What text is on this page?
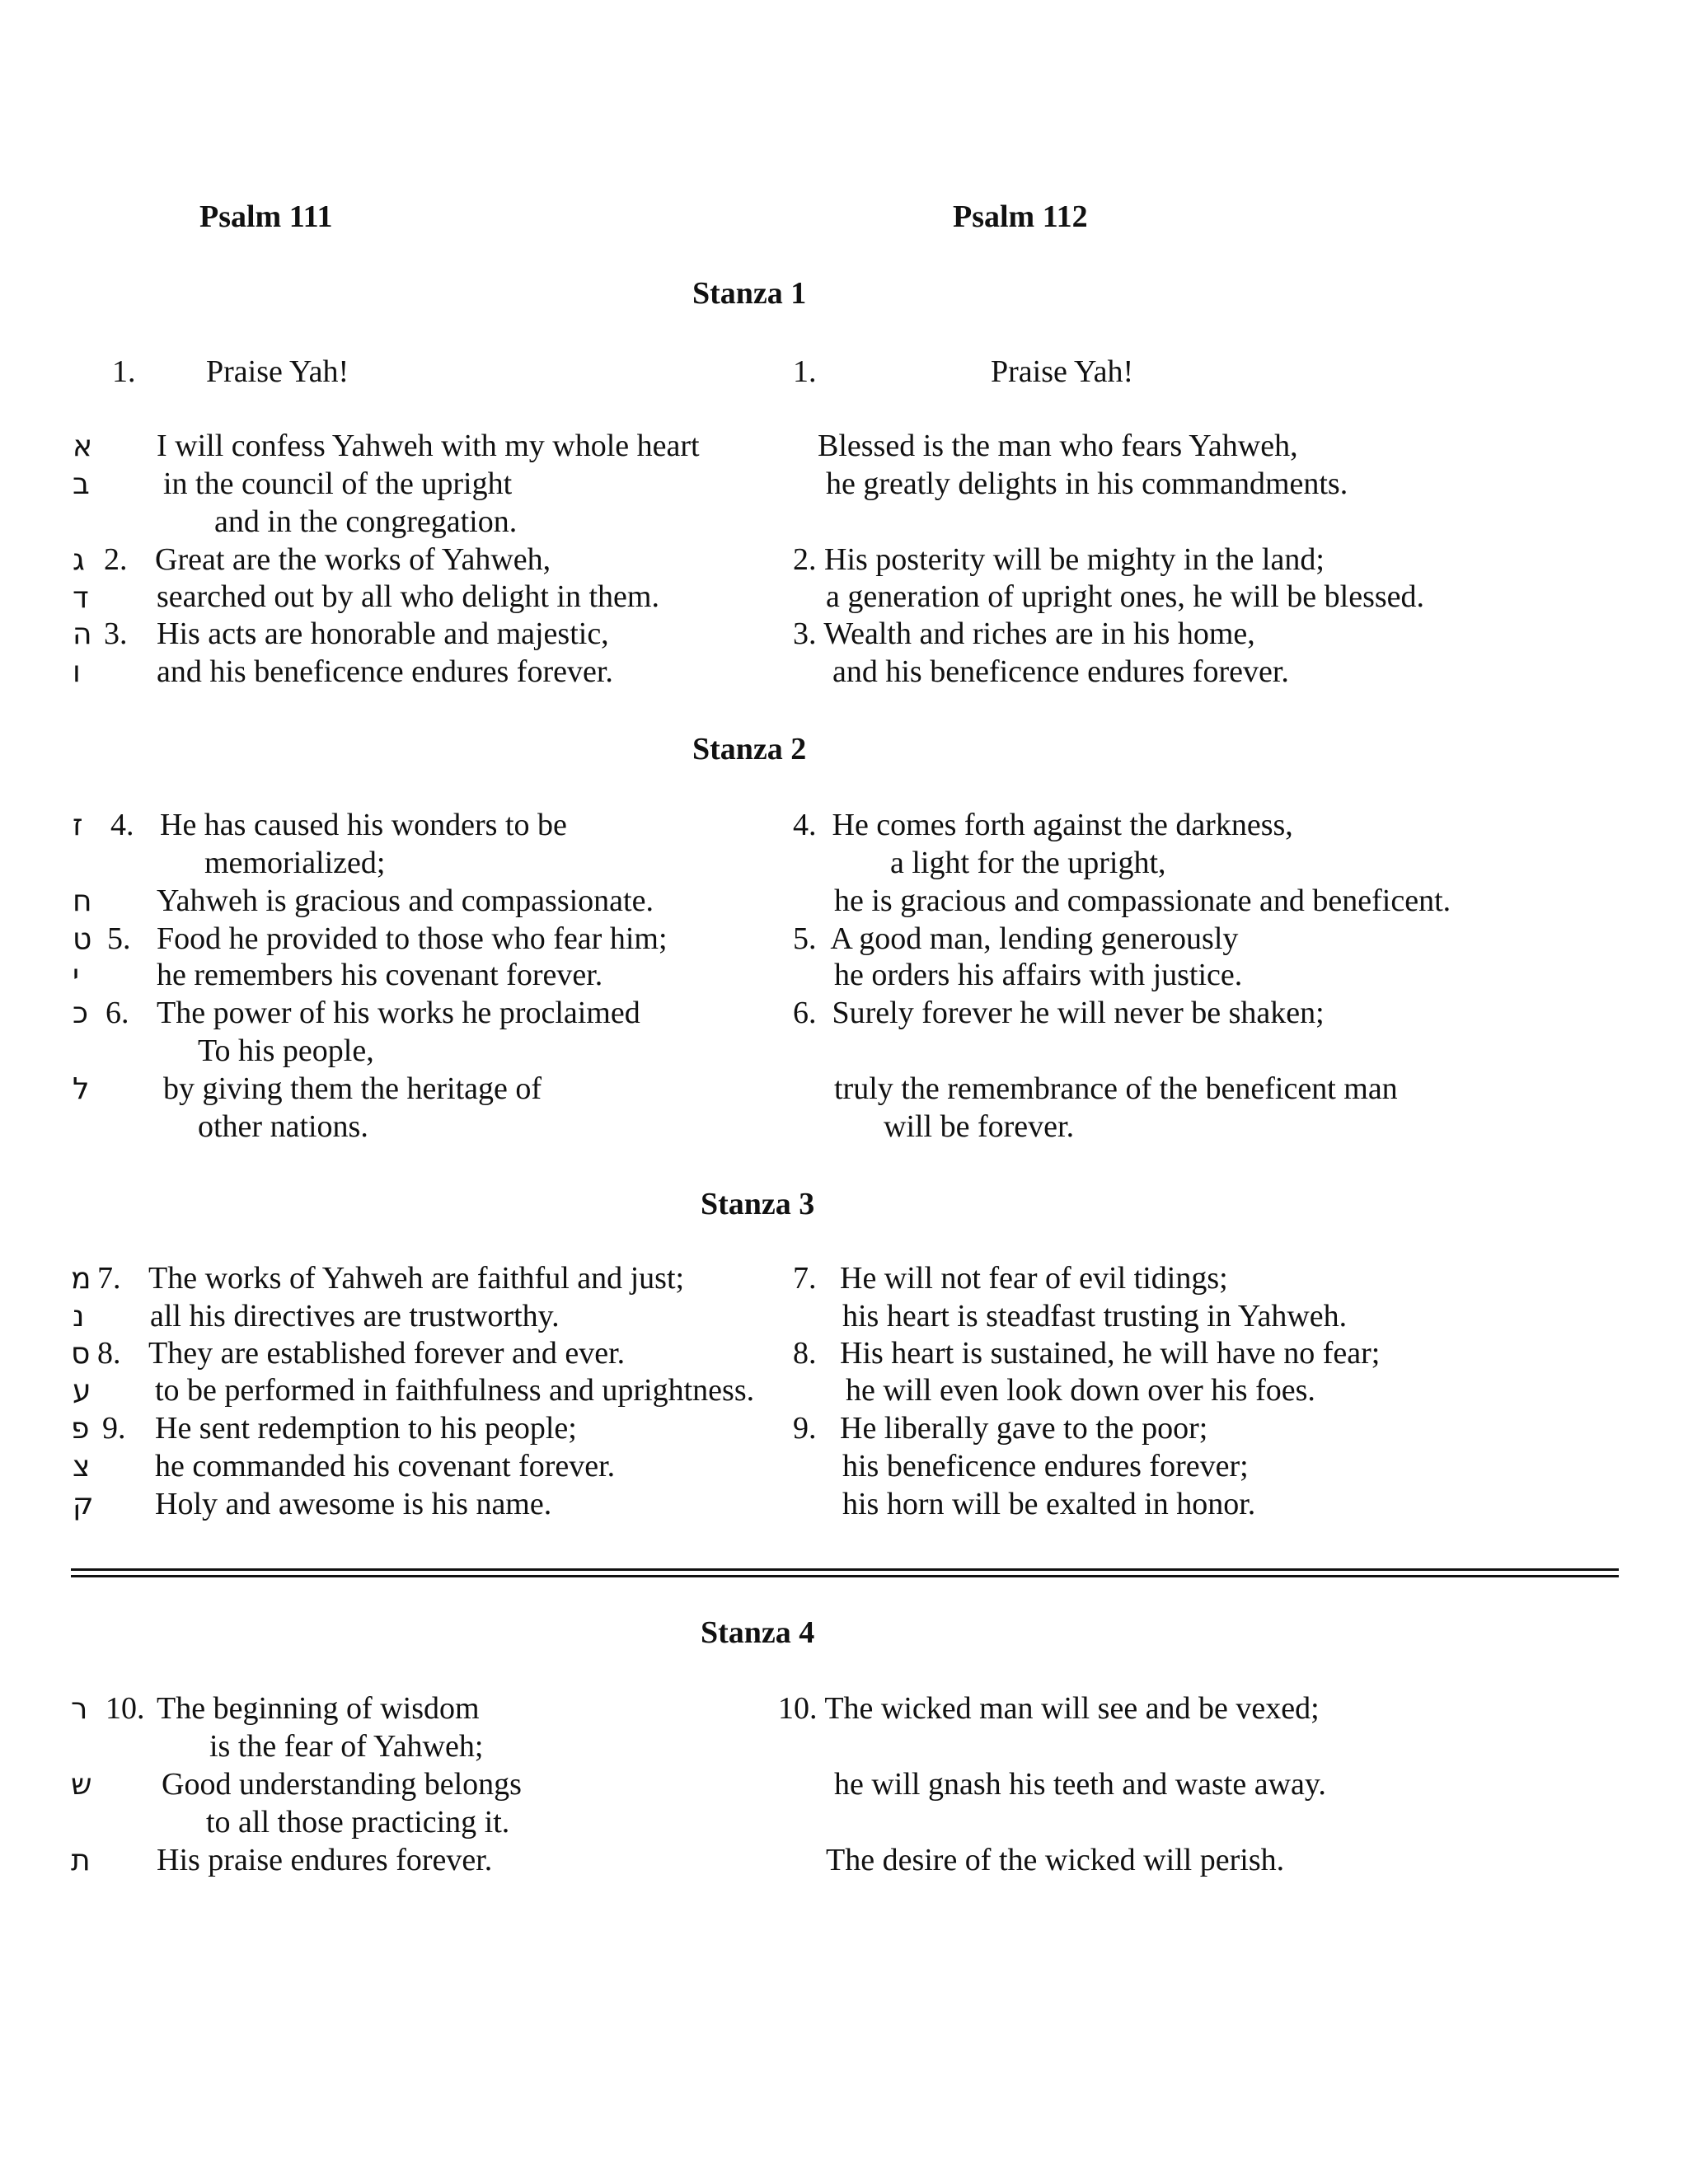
Psalm 111	Psalm 112
Stanza 1
1. Praise Yah!
א I will confess Yahweh with my whole heart
ב in the council of the upright
and in the congregation.
ג 2. Great are the works of Yahweh,
ד searched out by all who delight in them.
ה 3. His acts are honorable and majestic,
ו and his beneficence endures forever.
1.	Praise Yah!
Blessed is the man who fears Yahweh,
he greatly delights in his commandments.
2. His posterity will be mighty in the land;
a generation of upright ones, he will be blessed.
3. Wealth and riches are in his home,
and his beneficence endures forever.
Stanza 2
ז 4. He has caused his wonders to be
memorialized;
ח Yahweh is gracious and compassionate.
ט 5. Food he provided to those who fear him;
י he remembers his covenant forever.
כ 6. The power of his works he proclaimed
To his people,
ל by giving them the heritage of
other nations.
4.  He comes forth against the darkness,
a light for the upright,
he is gracious and compassionate and beneficent.
5.  A good man, lending generously
he orders his affairs with justice.
6.  Surely forever he will never be shaken;
truly the remembrance of the beneficent man
will be forever.
Stanza 3
מ 7. The works of Yahweh are faithful and just;
נ all his directives are trustworthy.
ס 8. They are established forever and ever.
ע to be performed in faithfulness and uprightness.
פ 9. He sent redemption to his people;
צ he commanded his covenant forever.
ק Holy and awesome is his name.
7.   He will not fear of evil tidings;
his heart is steadfast trusting in Yahweh.
8.   His heart is sustained, he will have no fear;
he will even look down over his foes.
9.   He liberally gave to the poor;
his beneficence endures forever;
his horn will be exalted in honor.
Stanza 4
ר 10. The beginning of wisdom
is the fear of Yahweh;
ש Good understanding belongs
to all those practicing it.
ת His praise endures forever.
10. The wicked man will see and be vexed;
he will gnash his teeth and waste away.
The desire of the wicked will perish.
